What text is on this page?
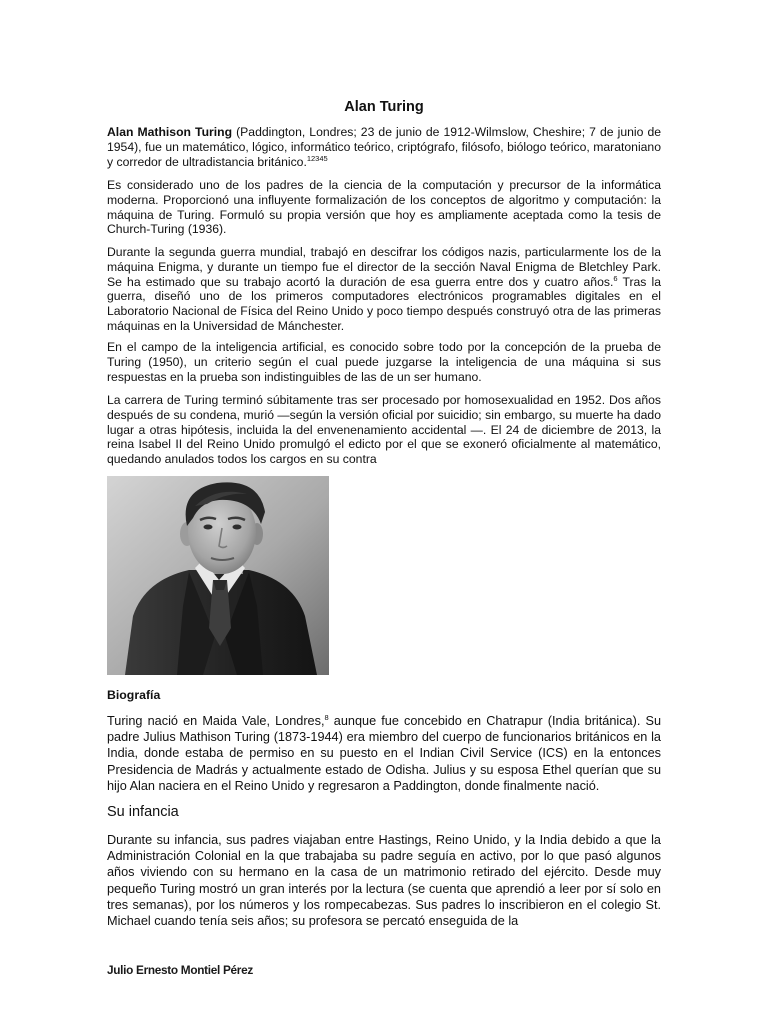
Alan Turing

Alan Mathison Turing (Paddington, Londres; 23 de junio de 1912-Wilmslow, Cheshire; 7 de junio de 1954), fue un matemático, lógico, informático teórico, criptógrafo, filósofo, biólogo teórico, maratoniano y corredor de ultradistancia británico.$^{12345}$

Es considerado uno de los padres de la ciencia de la computación y precursor de la informática moderna. Proporcionó una influyente formalización de los conceptos de algoritmo y computación: la máquina de Turing. Formuló su propia versión que hoy es ampliamente aceptada como la tesis de Church-Turing (1936).

Durante la segunda guerra mundial, trabajó en descifrar los códigos nazis, particularmente los de la máquina Enigma, y durante un tiempo fue el director de la sección Naval Enigma de Bletchley Park. Se ha estimado que su trabajo acortó la duración de esa guerra entre dos y cuatro años.$^6$ Tras la guerra, diseñó uno de los primeros computadores electrónicos programables digitales en el Laboratorio Nacional de Física del Reino Unido y poco tiempo después construyó otra de las primeras máquinas en la Universidad de Mánchester.

En el campo de la inteligencia artificial, es conocido sobre todo por la concepción de la prueba de Turing (1950), un criterio según el cual puede juzgarse la inteligencia de una máquina si sus respuestas en la prueba son indistinguibles de las de un ser humano.

La carrera de Turing terminó súbitamente tras ser procesado por homosexualidad en 1952. Dos años después de su condena, murió —según la versión oficial por suicidio; sin embargo, su muerte ha dado lugar a otras hipótesis, incluida la del envenenamiento accidental —. El 24 de diciembre de 2013, la reina Isabel II del Reino Unido promulgó el edicto por el que se exoneró oficialmente al matemático, quedando anulados todos los cargos en su contra

Biografía

Turing nació en Maida Vale, Londres,$^8$ aunque fue concebido en Chatrapur (India británica). Su padre Julius Mathison Turing (1873-1944) era miembro del cuerpo de funcionarios británicos en la India, donde estaba de permiso en su puesto en el Indian Civil Service (ICS) en la entonces Presidencia de Madrás y actualmente estado de Odisha. Julius y su esposa Ethel querían que su hijo Alan naciera en el Reino Unido y regresaron a Paddington, donde finalmente nació.

Su infancia

Durante su infancia, sus padres viajaban entre Hastings, Reino Unido, y la India debido a que la Administración Colonial en la que trabajaba su padre seguía en activo, por lo que pasó algunos años viviendo con su hermano en la casa de un matrimonio retirado del ejército. Desde muy pequeño Turing mostró un gran interés por la lectura (se cuenta que aprendió a leer por sí solo en tres semanas), por los números y los rompecabezas. Sus padres lo inscribieron en el colegio St. Michael cuando tenía seis años; su profesora se percató enseguida de la

Julio Ernesto Montiel Pérez
